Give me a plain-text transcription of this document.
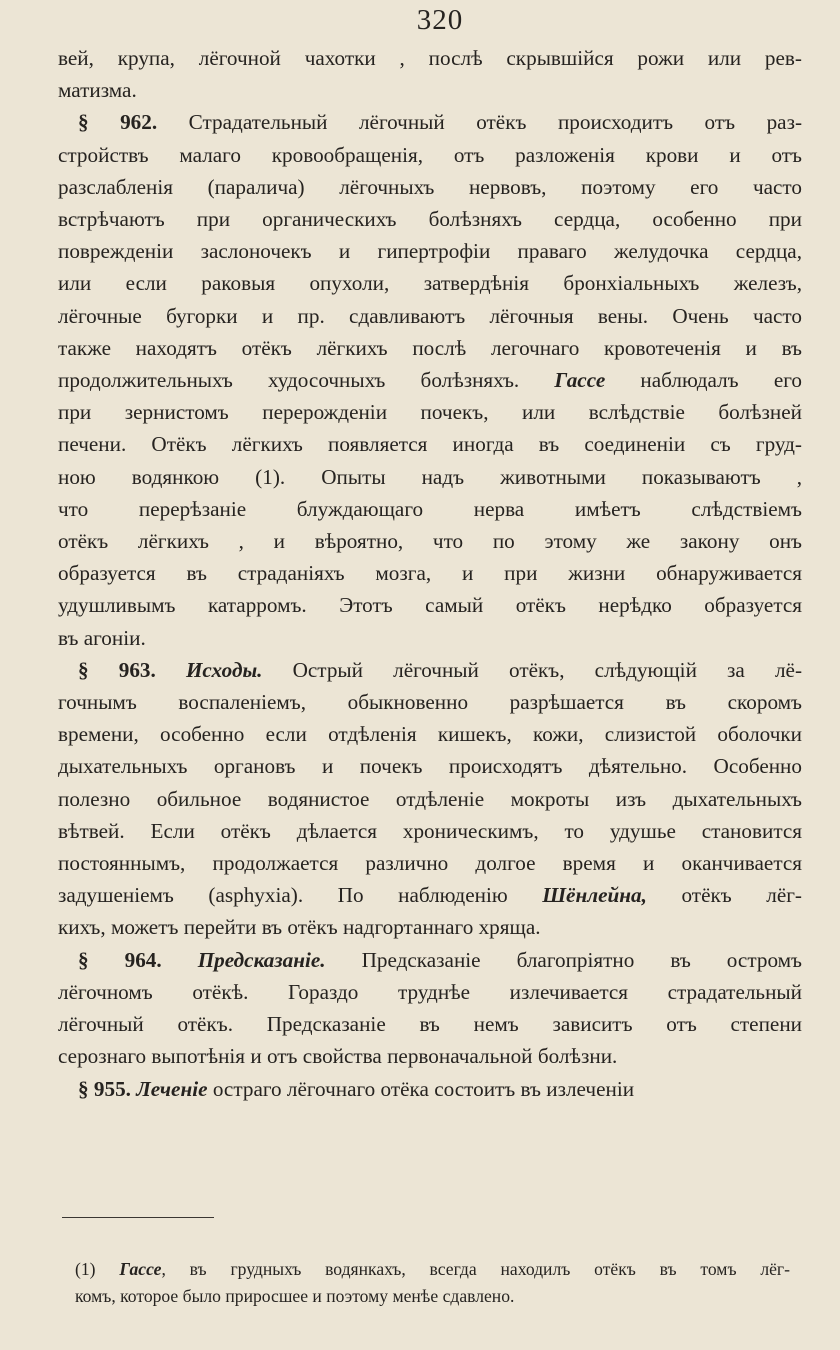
320
вей, крупа, лёгочной чахотки , послѣ скрывшійся рожи или рев-
матизма.
§ 962. Страдательный лёгочный отёкъ происходитъ отъ раз-
стройствъ малаго кровообращенія, отъ разложенія крови и отъ
разслабленія (паралича) лёгочныхъ нервовъ, поэтому его часто
встрѣчаютъ при органическихъ болѣзняхъ сердца, особенно при
поврежденіи заслоночекъ и гипертрофіи праваго желудочка сердца,
или если раковыя опухоли, затвердѣнія бронхіальныхъ железъ,
лёгочные бугорки и пр. сдавливаютъ лёгочныя вены. Очень часто
также находятъ отёкъ лёгкихъ послѣ легочнаго кровотеченія и въ
продолжительныхъ худосочныхъ болѣзняхъ. Гассе наблюдалъ его
при зернистомъ перерожденіи почекъ, или вслѣдствіе болѣзней
печени. Отёкъ лёгкихъ появляется иногда въ соединеніи съ груд-
ною водянкою (1). Опыты надъ животными показываютъ ,
что перерѣзаніе блуждающаго нерва имѣетъ слѣдствіемъ
отёкъ лёгкихъ , и вѣроятно, что по этому же закону онъ
образуется въ страданіяхъ мозга, и при жизни обнаруживается
удушливымъ катарромъ. Этотъ самый отёкъ нерѣдко образуется
въ агоніи.
§ 963. Исходы. Острый лёгочный отёкъ, слѣдующій за лё-
гочнымъ воспаленіемъ, обыкновенно разрѣшается въ скоромъ
времени, особенно если отдѣленія кишекъ, кожи, слизистой оболочки
дыхательныхъ органовъ и почекъ происходятъ дѣятельно. Особенно
полезно обильное водянистое отдѣленіе мокроты изъ дыхательныхъ
вѣтвей. Если отёкъ дѣлается хроническимъ, то удушье становится
постояннымъ, продолжается различно долгое время и оканчивается
задушеніемъ (asphyxia). По наблюденію Шёнлейна, отёкъ лёг-
кихъ, можетъ перейти въ отёкъ надгортаннаго хряща.
§ 964. Предсказаніе. Предсказаніе благопріятно въ остромъ
лёгочномъ отёкѣ. Гораздо труднѣе излечивается страдательный
лёгочный отёкъ. Предсказаніе въ немъ зависитъ отъ степени
серознаго выпотѣнія и отъ свойства первоначальной болѣзни.
§ 955. Леченіе остраго лёгочнаго отёка состоитъ въ излеченіи
(1) Гассе, въ грудныхъ водянкахъ, всегда находилъ отёкъ въ томъ лёг-
комъ, которое было приросшее и поэтому менѣе сдавлено.
